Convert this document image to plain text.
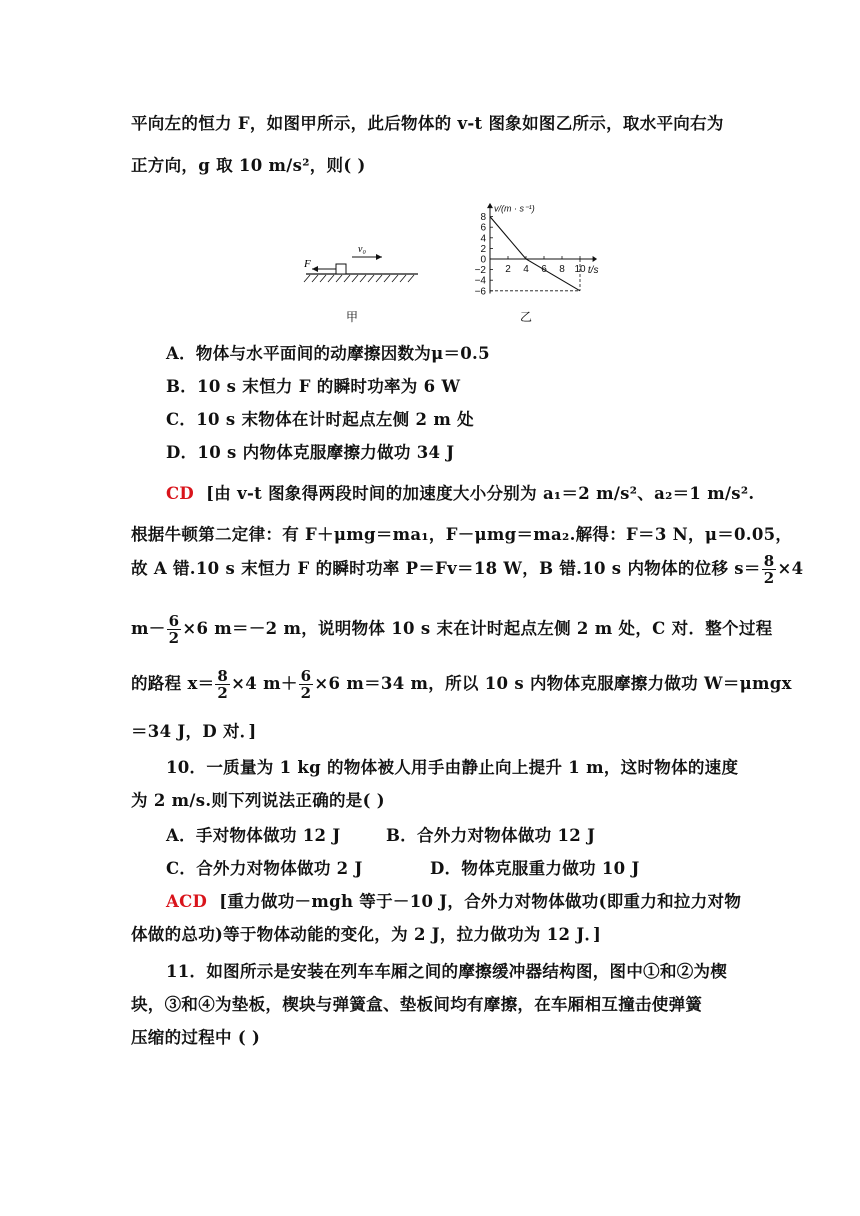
平向左的恒力 F，如图甲所示，此后物体的 v-t 图象如图乙所示，取水平向右为
正方向，g 取 10 m/s²，则( )
F
v₀
甲
v/(m · s⁻¹)
t/s
8
6
4
2
0
−2
−4
−6
2 4 6 8 10
乙
A．物体与水平面间的动摩擦因数为μ＝0.5
B．10 s 末恒力 F 的瞬时功率为 6 W
C．10 s 末物体在计时起点左侧 2 m 处
D．10 s 内物体克服摩擦力做功 34 J
CD [由 v-t 图象得两段时间的加速度大小分别为 a₁＝2 m/s²、a₂＝1 m/s².
根据牛顿第二定律：有 F＋μmg＝ma₁，F－μmg＝ma₂.解得：F＝3 N，μ＝0.05，
故 A 错.10 s 末恒力 F 的瞬时功率 P＝Fv＝18 W，B 错.10 s 内物体的位移 $s= \frac{8}{2} \times 4$
$m- \frac{6}{2} \times 6$ m＝－2 m，说明物体 10 s 末在计时起点左侧 2 m 处，C 对．整个过程
的路程 $x= \frac{8}{2} \times 4$ $m+ \frac{6}{2} \times 6$ m＝34 m，所以 10 s 内物体克服摩擦力做功 W＝μmgx
＝34 J，D 对．]
10．一质量为 1 kg 的物体被人用手由静止向上提升 1 m，这时物体的速度
为 2 m/s.则下列说法正确的是( )
A．手对物体做功 12 J	B．合外力对物体做功 12 J
C．合外力对物体做功 2 J	D．物体克服重力做功 10 J
ACD [重力做功－mgh 等于－10 J，合外力对物体做功(即重力和拉力对物
体做的总功)等于物体动能的变化，为 2 J，拉力做功为 12 J．]
11．如图所示是安装在列车车厢之间的摩擦缓冲器结构图，图中①和②为楔
块，③和④为垫板，楔块与弹簧盒、垫板间均有摩擦，在车厢相互撞击使弹簧
压缩的过程中 ( )
